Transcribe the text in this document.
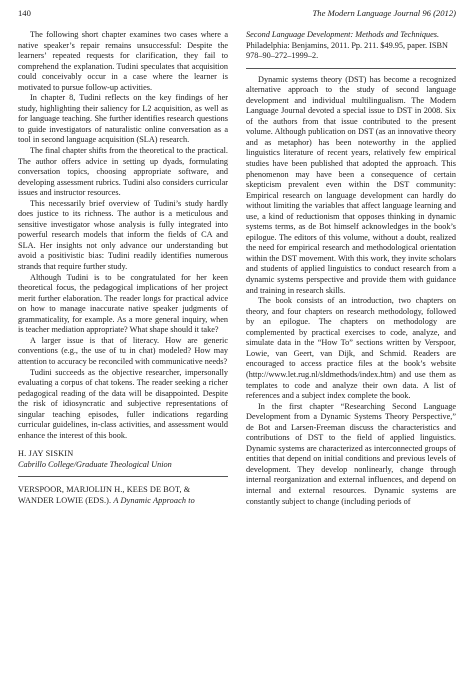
140	The Modern Language Journal 96 (2012)

The following short chapter examines two cases where a native speaker’s repair remains unsuccessful: Despite the learners’ repeated requests for clarification, they fail to comprehend the explanation. Tudini speculates that acquisition could conceivably occur in a case where the learner is motivated to pursue follow-up activities.

In chapter 8, Tudini reflects on the key findings of her study, highlighting their saliency for L2 acquisition, as well as for language teaching. She further identifies research questions to guide investigators of naturalistic online conversation as a tool in second language acquisition (SLA) research.

The final chapter shifts from the theoretical to the practical. The author offers advice in setting up dyads, formulating conversation topics, choosing appropriate software, and developing assessment rubrics. Tudini also considers curricular issues and instructor resources.

This necessarily brief overview of Tudini’s study hardly does justice to its richness. The author is a meticulous and sensitive investigator whose analysis is fully integrated into powerful research models that inform the fields of CA and SLA. Her insights not only advance our understanding but avoid a positivistic bias: Tudini readily identifies numerous strands that require further study.

Although Tudini is to be congratulated for her keen theoretical focus, the pedagogical implications of her project merit further elaboration. The reader longs for practical advice on how to manage inaccurate native speaker judgments of grammaticality, for example. As a more general inquiry, when is teacher mediation appropriate? What shape should it take?

A larger issue is that of literacy. How are generic conventions (e.g., the use of tu in chat) modeled? How may attention to accuracy be reconciled with communicative needs?

Tudini succeeds as the objective researcher, impersonally evaluating a corpus of chat tokens. The reader seeking a richer pedagogical reading of the data will be disappointed. Despite the risk of idiosyncratic and subjective representations of singular teaching episodes, fuller indications regarding curricular guidelines, in-class activities, and assessment would enhance the interest of this book.

H. JAY SISKIN

Cabrillo College/Graduate Theological Union

VERSPOOR, MARJOLIJN H., KEES DE BOT, & WANDER LOWIE (EDS.). A Dynamic Approach to

Second Language Development: Methods and Techniques. Philadelphia: Benjamins, 2011. Pp. 211. $49.95, paper. ISBN 978–90–272–1999–2.

Dynamic systems theory (DST) has become a recognized alternative approach to the study of second language development and individual multilingualism. The Modern Language Journal devoted a special issue to DST in 2008. Six of the authors from that issue contributed to the present volume. Although publication on DST (as an innovative theory and as metaphor) has been noteworthy in the applied linguistics literature of recent years, relatively few empirical studies have been published that adopted the approach. This phenomenon may have been a consequence of certain skepticism prevalent even within the DST community: Empirical research on language development can hardly do without limiting the variables that affect language learning and use, a kind of reductionism that opposes thinking in dynamic systems terms, as de Bot himself acknowledges in the book’s epilogue. The editors of this volume, without a doubt, realized the need for empirical research and methodological orientation within the DST movement. With this work, they invite scholars and students of applied linguistics to conduct research from a dynamic systems perspective and provide them with guidance and training in research skills.

The book consists of an introduction, two chapters on theory, and four chapters on research methodology, followed by an epilogue. The chapters on methodology are complemented by practical exercises to code, analyze, and simulate data in the “How To” sections written by Verspoor, Lowie, van Geert, van Dijk, and Schmid. Readers are encouraged to access practice files at the book’s website (http://www.let.rug.nl/sldmethods/index.htm) and use them as templates to code and analyze their own data. A list of references and a subject index complete the book.

In the first chapter “Researching Second Language Development from a Dynamic Systems Theory Perspective,” de Bot and Larsen-Freeman discuss the characteristics and contributions of DST to the field of applied linguistics. Dynamic systems are characterized as interconnected groups of entities that depend on initial conditions and previous levels of development. They develop nonlinearly, change through internal reorganization and external influences, and depend on internal and external resources. Dynamic systems are constantly subject to change (including periods of
